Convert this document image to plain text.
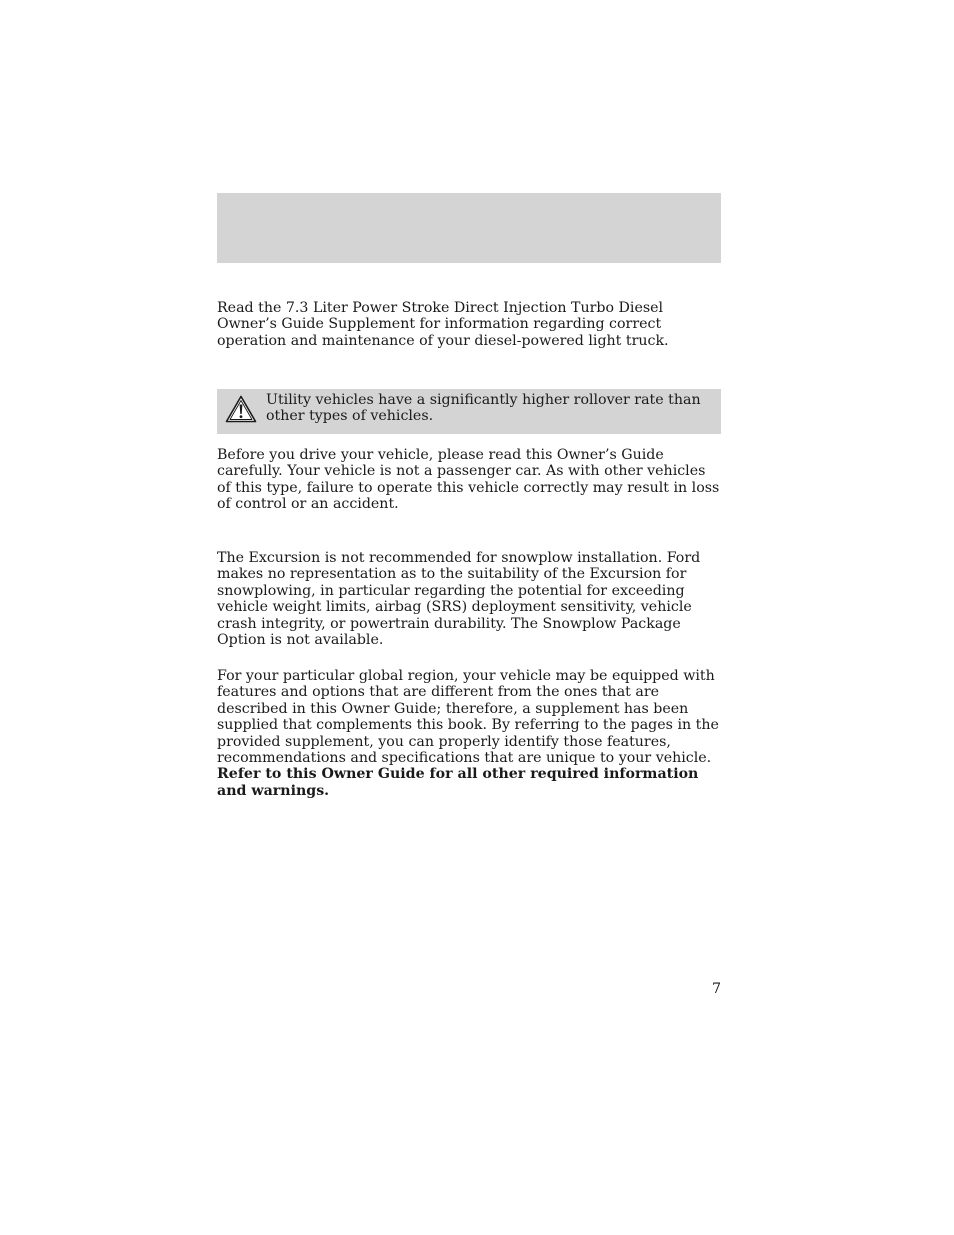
Read the 7.3 Liter Power Stroke Direct Injection Turbo Diesel Owner’s Guide Supplement for information regarding correct operation and maintenance of your diesel-powered light truck.

Utility vehicles have a significantly higher rollover rate than other types of vehicles.

Before you drive your vehicle, please read this Owner’s Guide carefully. Your vehicle is not a passenger car. As with other vehicles of this type, failure to operate this vehicle correctly may result in loss of control or an accident.

The Excursion is not recommended for snowplow installation. Ford makes no representation as to the suitability of the Excursion for snowplowing, in particular regarding the potential for exceeding vehicle weight limits, airbag (SRS) deployment sensitivity, vehicle crash integrity, or powertrain durability. The Snowplow Package Option is not available.

For your particular global region, your vehicle may be equipped with features and options that are different from the ones that are described in this Owner Guide; therefore, a supplement has been supplied that complements this book. By referring to the pages in the provided supplement, you can properly identify those features, recommendations and specifications that are unique to your vehicle. Refer to this Owner Guide for all other required information and warnings.

7
